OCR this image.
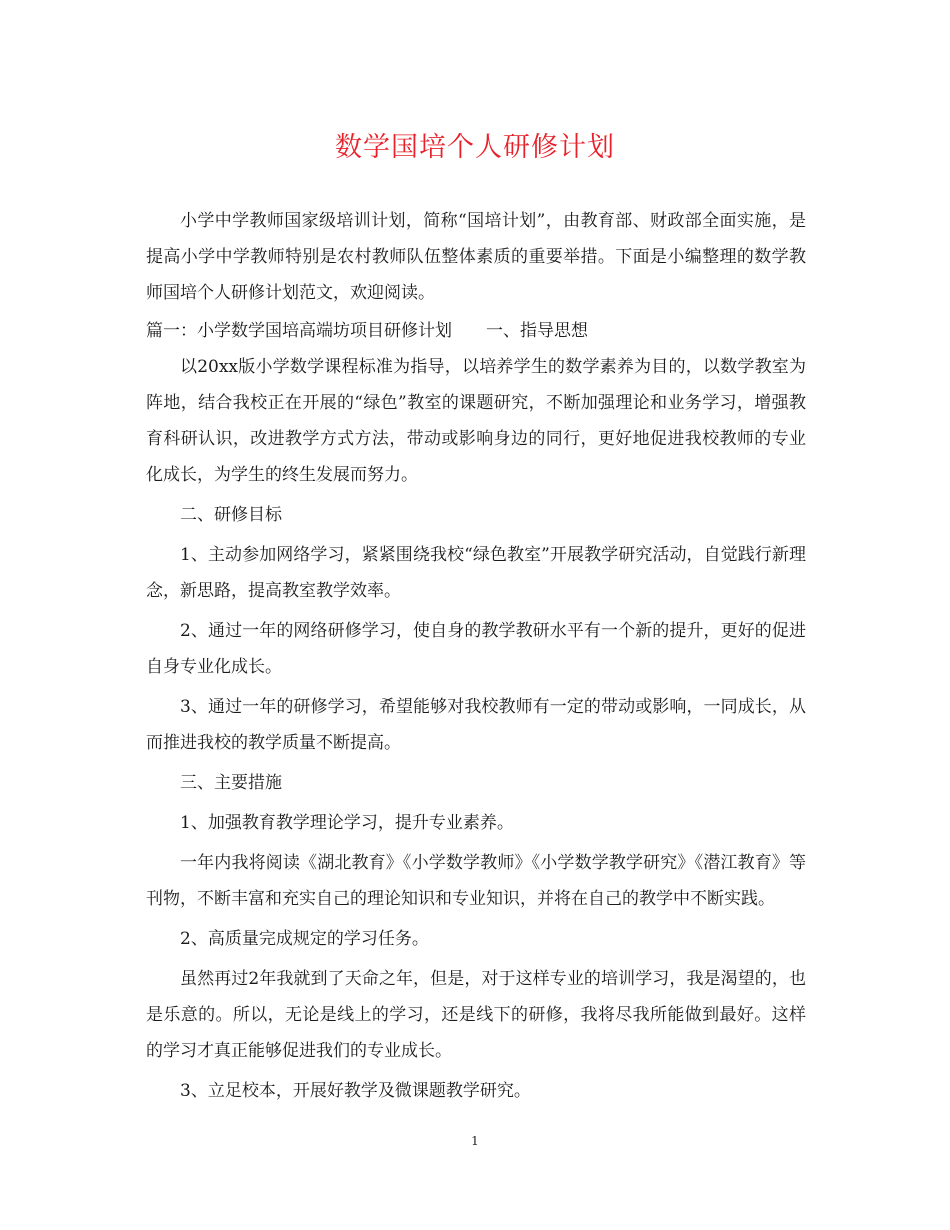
数学国培个人研修计划

小学中学教师国家级培训计划，简称“国培计划”，由教育部、财政部全面实施，是提高小学中学教师特别是农村教师队伍整体素质的重要举措。下面是小编整理的数学教师国培个人研修计划范文，欢迎阅读。

篇一：小学数学国培高端坊项目研修计划　　一、指导思想

以20xx版小学数学课程标准为指导，以培养学生的数学素养为目的，以数学教室为阵地，结合我校正在开展的“绿色”教室的课题研究，不断加强理论和业务学习，增强教育科研认识，改进教学方式方法，带动或影响身边的同行，更好地促进我校教师的专业化成长，为学生的终生发展而努力。

二、研修目标

1、主动参加网络学习，紧紧围绕我校“绿色教室”开展教学研究活动，自觉践行新理念，新思路，提高教室教学效率。

2、通过一年的网络研修学习，使自身的教学教研水平有一个新的提升，更好的促进自身专业化成长。

3、通过一年的研修学习，希望能够对我校教师有一定的带动或影响，一同成长，从而推进我校的教学质量不断提高。

三、主要措施

1、加强教育教学理论学习，提升专业素养。

一年内我将阅读《湖北教育》《小学数学教师》《小学数学教学研究》《潜江教育》等刊物，不断丰富和充实自己的理论知识和专业知识，并将在自己的教学中不断实践。

2、高质量完成规定的学习任务。

虽然再过2年我就到了天命之年，但是，对于这样专业的培训学习，我是渴望的，也是乐意的。所以，无论是线上的学习，还是线下的研修，我将尽我所能做到最好。这样的学习才真正能够促进我们的专业成长。

3、立足校本，开展好教学及微课题教学研究。

1
